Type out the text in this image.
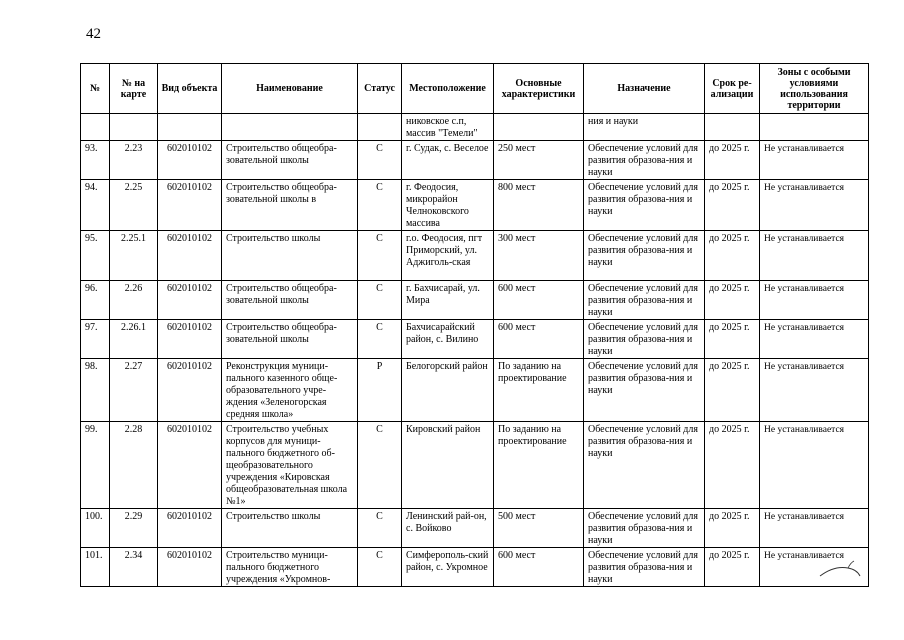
42
№	№ на карте	Вид объекта	Наименование	Статус	Местоположение	Основные характеристики	Назначение	Срок ре-ализации	Зоны с особыми условиями использования территории
					никовское с.п, массив "Темели"		ния и науки		
93.	2.23	602010102	Строительство общеобра-зовательной школы	С	г. Судак, с. Веселое	250 мест	Обеспечение условий для развития образова-ния и науки	до 2025 г.	Не устанавливается
94.	2.25	602010102	Строительство общеобра-зовательной школы в	С	г. Феодосия, микрорайон Челноковского массива	800 мест	Обеспечение условий для развития образова-ния и науки	до 2025 г.	Не устанавливается
95.	2.25.1	602010102	Строительство школы	С	г.о. Феодосия, пгт Приморский, ул. Аджиголь-ская	300 мест	Обеспечение условий для развития образова-ния и науки	до 2025 г.	Не устанавливается
96.	2.26	602010102	Строительство общеобра-зовательной школы	С	г. Бахчисарай, ул. Мира	600 мест	Обеспечение условий для развития образова-ния и науки	до 2025 г.	Не устанавливается
97.	2.26.1	602010102	Строительство общеобра-зовательной школы	С	Бахчисарайский район, с. Вилино	600 мест	Обеспечение условий для развития образова-ния и науки	до 2025 г.	Не устанавливается
98.	2.27	602010102	Реконструкция муници-пального казенного обще-образовательного учре-ждения «Зеленогорская средняя школа»	Р	Белогорский район	По заданию на проектирование	Обеспечение условий для развития образова-ния и науки	до 2025 г.	Не устанавливается
99.	2.28	602010102	Строительство учебных корпусов для муници-пального бюджетного об-щеобразовательного учреждения «Кировская общеобразовательная школа №1»	С	Кировский район	По заданию на проектирование	Обеспечение условий для развития образова-ния и науки	до 2025 г.	Не устанавливается
100.	2.29	602010102	Строительство школы	С	Ленинский рай-он, с. Войково	500 мест	Обеспечение условий для развития образова-ния и науки	до 2025 г.	Не устанавливается
101.	2.34	602010102	Строительство муници-пального бюджетного учреждения «Укромнов-	С	Симферополь-ский район, с. Укромное	600 мест	Обеспечение условий для развития образова-ния и науки	до 2025 г.	Не устанавливается
